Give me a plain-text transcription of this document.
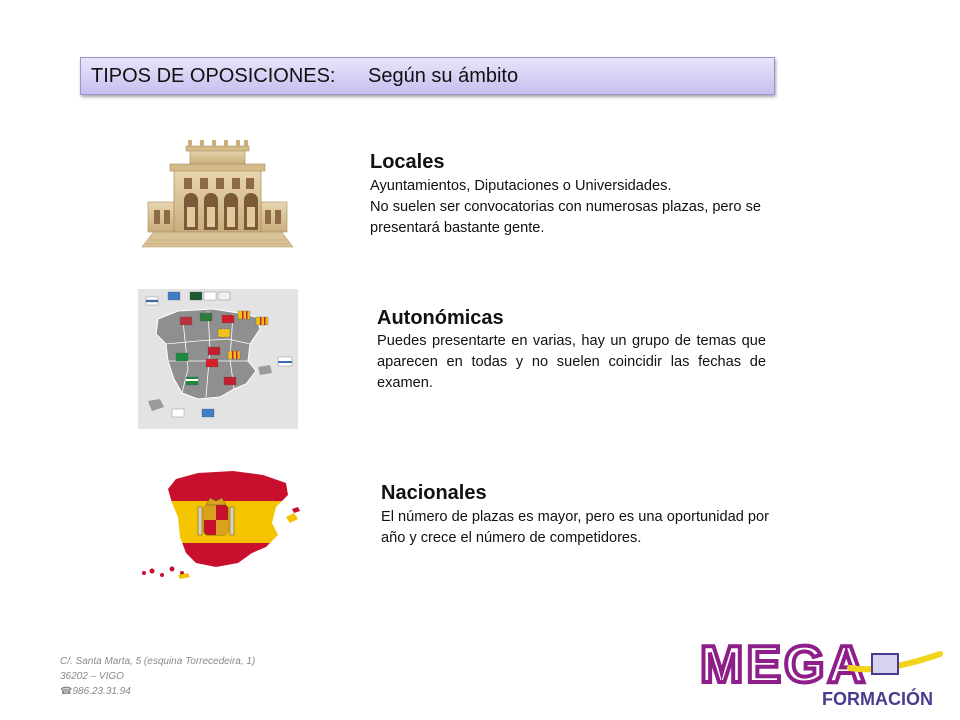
TIPOS DE OPOSICIONES: Según su ámbito
Locales

Ayuntamientos, Diputaciones o Universidades.

No suelen ser convocatorias con numerosas plazas, pero se presentará bastante gente.

Autonómicas
Puedes presentarte en varias, hay un grupo de temas que aparecen en todas y no suelen coincidir las fechas de examen.
Nacionales
El número de plazas es mayor, pero es una oportunidad por año y crece el número de competidores.
C/. Santa Marta, 5 (esquina Torrecedeira, 1)
36202 – VIGO
☎986.23.31.94	MEGA
FORMACIÓN
